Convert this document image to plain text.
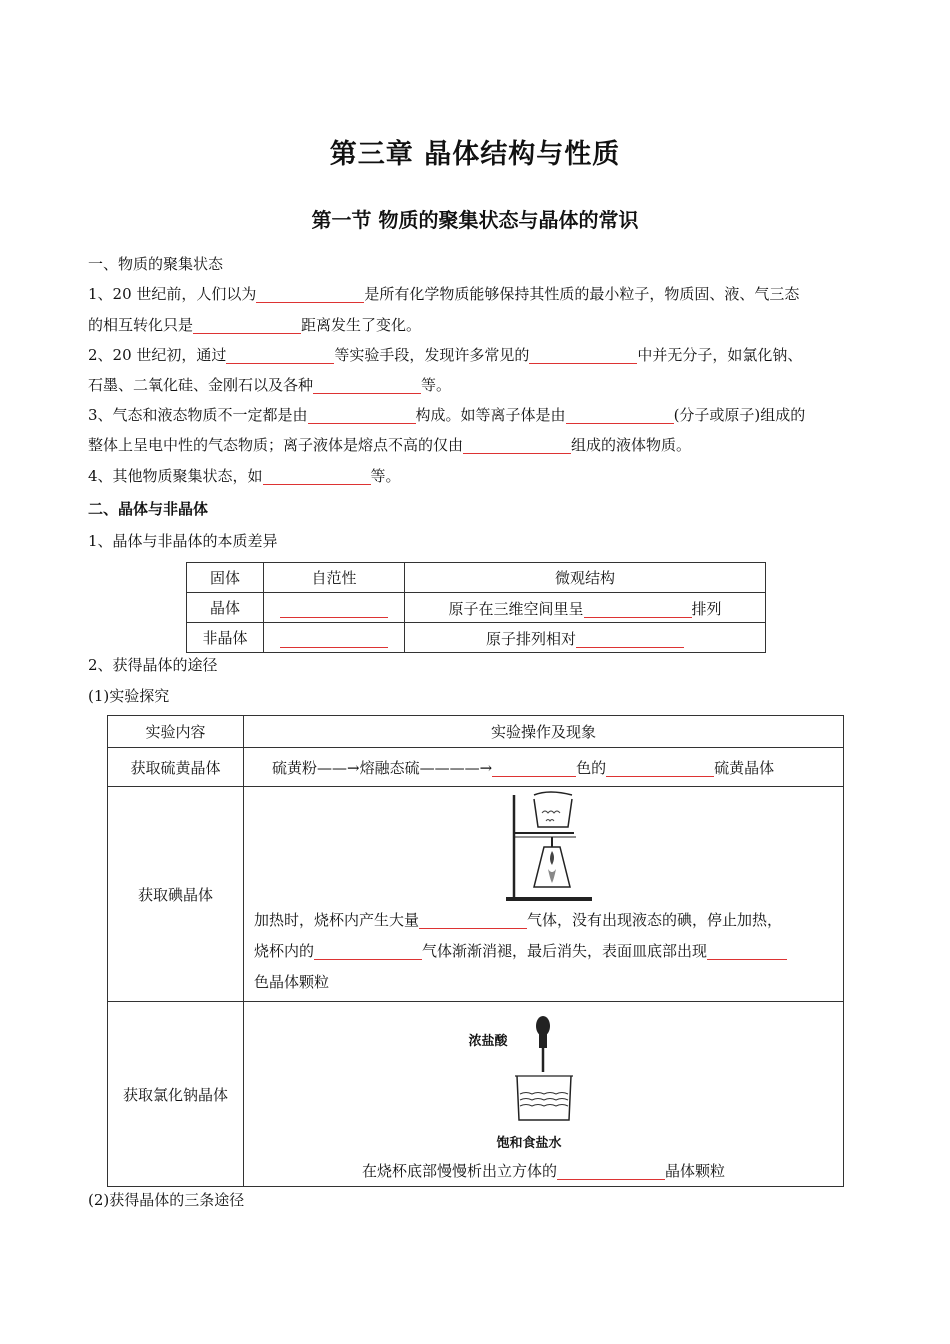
第三章 晶体结构与性质
第一节 物质的聚集状态与晶体的常识
一、物质的聚集状态
1、20 世纪前，人们以为	是所有化学物质能够保持其性质的最小粒子，物质固、液、气三态
的相互转化只是	距离发生了变化。
2、20 世纪初，通过	等实验手段，发现许多常见的	中并无分子，如氯化钠、
石墨、二氧化硅、金刚石以及各种	等。
3、气态和液态物质不一定都是由	构成。如等离子体是由	(分子或原子)组成的
整体上呈电中性的气态物质；离子液体是熔点不高的仅由	组成的液体物质。
4、其他物质聚集状态，如	等。
二、晶体与非晶体
1、晶体与非晶体的本质差异
固体	自范性	微观结构
晶体		原子在三维空间里呈 排列
非晶体		原子排列相对
2、获得晶体的途径
(1)实验探究
实验内容	实验操作及现象
获取硫黄晶体	硫黄粉——→熔融态硫————→ 色的 硫黄晶体
获取碘晶体	加热时，烧杯内产生大量 气体，没有出现液态的碘，停止加热，
烧杯内的 气体渐渐消褪，最后消失，表面皿底部出现
色晶体颗粒

获取氯化钠晶体	浓盐酸
饱和食盐水
在烧杯底部慢慢析出立方体的 晶体颗粒
(2)获得晶体的三条途径
